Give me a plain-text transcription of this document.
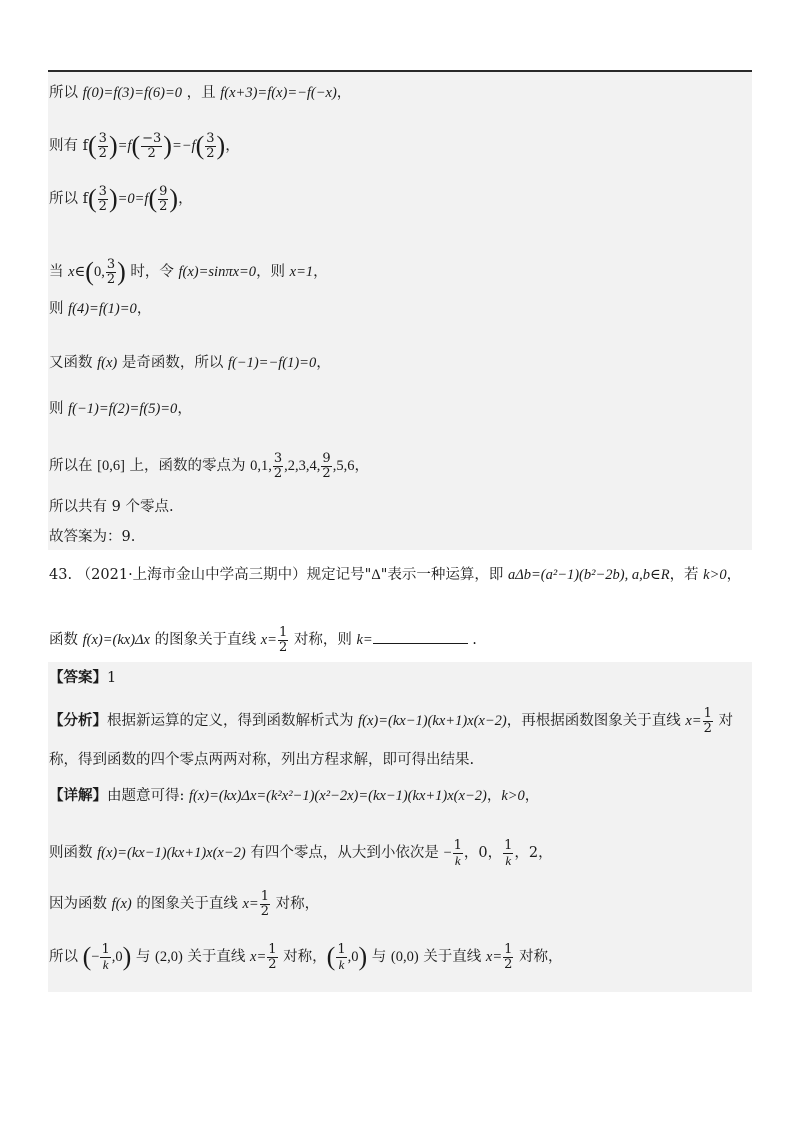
所以 f(0)=f(3)=f(6)=0 ，且 f(x+3)=f(x)=−f(−x)，
则有 $f( \frac{3}{2} )=f( \frac{-3}{2} )=-f( \frac{3}{2}$ )，
所以 $f( \frac{3}{2} )=0=f( \frac{9}{2}$ )，
当 x∈(0, $\frac{3}{2}$ ) 时，令 f(x)=sinπx=0，则 x=1，
则 f(4)=f(1)=0，
又函数 f(x) 是奇函数，所以 f(−1)=−f(1)=0，
则 f(−1)=f(2)=f(5)=0，
所以在 [0,6] 上，函数的零点为 0,1, $\frac{3}{2} ,2,3,4$, $\frac{9}{2} ,5,6$，
所以共有 9 个零点.
故答案为：9.
43. （2021·上海市金山中学高三期中）规定记号"Δ"表示一种运算，即 aΔb=(a²−1)(b²−2b), a,b∈R，若 k>0，
函数 f(x)=(kx)Δx 的图象关于直线 $x= \frac{1}{2}$ 对称，则 k=	.
【答案】1
【分析】根据新运算的定义，得到函数解析式为 f(x)=(kx−1)(kx+1)x(x−2)，再根据函数图象关于直线 $x= \frac{1}{2}$ 对
称，得到函数的四个零点两两对称，列出方程求解，即可得出结果.
【详解】由题意可得: f(x)=(kx)Δx=(k²x²−1)(x²−2x)=(kx−1)(kx+1)x(x−2)，k>0，
则函数 f(x)=(kx−1)(kx+1)x(x−2) 有四个零点，从大到小依次是 − $\frac{1}{k}$ ，0， $\frac{1}{k}$ ，2，
因为函数 f(x) 的图象关于直线 $x= \frac{1}{2}$ 对称，
所以 (− $\frac{1}{k} ,0$) 与 (2,0) 关于直线 $x= \frac{1}{2}$ 对称，( $\frac{1}{k} ,0$) 与 (0,0) 关于直线 $x= \frac{1}{2}$ 对称，
